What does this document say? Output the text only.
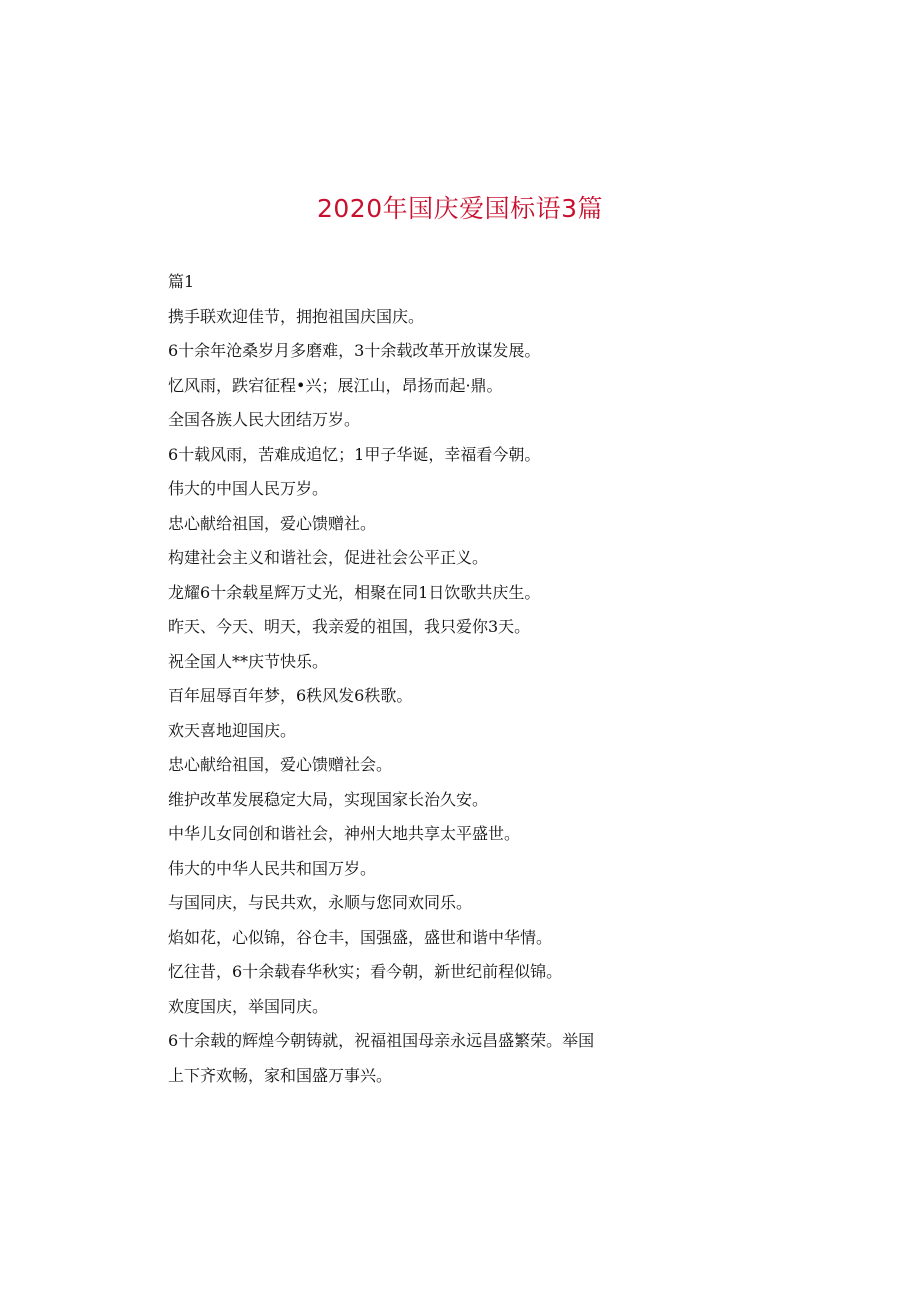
2020年国庆爱国标语3篇
篇1
携手联欢迎佳节，拥抱祖国庆国庆。
6十余年沧桑岁月多磨难，3十余载改革开放谋发展。
忆风雨，跌宕征程•兴；展江山，昂扬而起·鼎。
全国各族人民大团结万岁。
6十载风雨，苦难成追忆；1甲子华诞，幸福看今朝。
伟大的中国人民万岁。
忠心献给祖国，爱心馈赠社。
构建社会主义和谐社会，促进社会公平正义。
龙耀6十余载星辉万丈光，相聚在同1日饮歌共庆生。
昨天、今天、明天，我亲爱的祖国，我只爱你3天。
祝全国人**庆节快乐。
百年屈辱百年梦，6秩风发6秩歌。
欢天喜地迎国庆。
忠心献给祖国，爱心馈赠社会。
维护改革发展稳定大局，实现国家长治久安。
中华儿女同创和谐社会，神州大地共享太平盛世。
伟大的中华人民共和国万岁。
与国同庆，与民共欢，永顺与您同欢同乐。
焰如花，心似锦，谷仓丰，国强盛，盛世和谐中华情。
忆往昔，6十余载春华秋实；看今朝，新世纪前程似锦。
欢度国庆，举国同庆。
6十余载的辉煌今朝铸就，祝福祖国母亲永远昌盛繁荣。举国
上下齐欢畅，家和国盛万事兴。
